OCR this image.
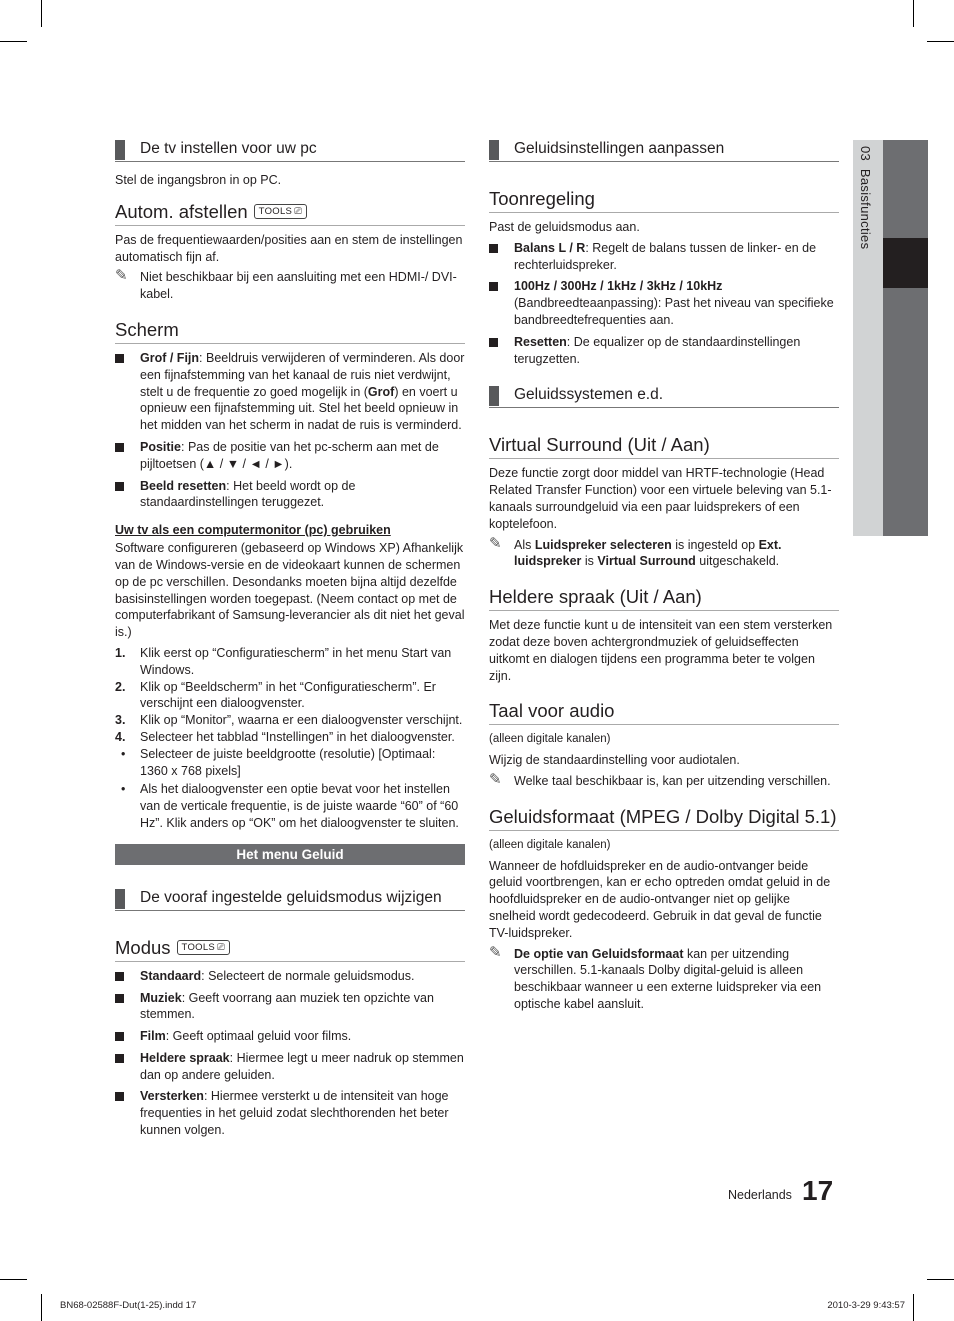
03  Basisfuncties
De tv instellen voor uw pc

Stel de ingangsbron in op PC.

Autom. afstellen TOOLS ⎚

Pas de frequentiewaarden/posities aan en stem de instellingen automatisch fijn af.

✎ Niet beschikbaar bij een aansluiting met een HDMI-/ DVI-kabel.
Scherm
Grof / Fijn: Beeldruis verwijderen of verminderen. Als door een fijnafstemming van het kanaal de ruis niet verdwijnt, stelt u de frequentie zo goed mogelijk in (Grof) en voert u opnieuw een fijnafstemming uit. Stel het beeld opnieuw in het midden van het scherm in nadat de ruis is verminderd.
Positie: Pas de positie van het pc-scherm aan met de pijltoetsen (▲ / ▼ / ◄ / ►).
Beeld resetten: Het beeld wordt op de standaardinstellingen teruggezet.
Uw tv als een computermonitor (pc) gebruiken

Software configureren (gebaseerd op Windows XP) Afhankelijk van de Windows-versie en de videokaart kunnen de schermen op de pc verschillen. Desondanks moeten bijna altijd dezelfde basisinstellingen worden toegepast. (Neem contact op met de computerfabrikant of Samsung-leverancier als dit niet het geval is.)

1. Klik eerst op “Configuratiescherm” in het menu Start van Windows.
2. Klik op “Beeldscherm” in het “Configuratiescherm”. Er verschijnt een dialoogvenster.
3. Klik op “Monitor”, waarna er een dialoogvenster verschijnt.
4. Selecteer het tabblad “Instellingen” in het dialoogvenster.
• Selecteer de juiste beeldgrootte (resolutie) [Optimaal: 1360 x 768 pixels]
• Als het dialoogvenster een optie bevat voor het instellen van de verticale frequentie, is de juiste waarde “60” of “60 Hz”. Klik anders op “OK” om het dialoogvenster te sluiten.
Het menu Geluid
De vooraf ingestelde geluidsmodus wijzigen
Modus TOOLS ⎚
Standaard: Selecteert de normale geluidsmodus.
Muziek: Geeft voorrang aan muziek ten opzichte van stemmen.
Film: Geeft optimaal geluid voor films.
Heldere spraak: Hiermee legt u meer nadruk op stemmen dan op andere geluiden.
Versterken: Hiermee versterkt u de intensiteit van hoge frequenties in het geluid zodat slechthorenden het beter kunnen volgen.
Geluidsinstellingen aanpassen
Toonregeling

Past de geluidsmodus aan.

Balans L / R: Regelt de balans tussen de linker- en de rechterluidspreker.
100Hz / 300Hz / 1kHz / 3kHz / 10kHz (Bandbreedteaanpassing): Past het niveau van specifieke bandbreedtefrequenties aan.
Resetten: De equalizer op de standaardinstellingen terugzetten.
Geluidssystemen e.d.
Virtual Surround (Uit / Aan)

Deze functie zorgt door middel van HRTF-technologie (Head Related Transfer Function) voor een virtuele beleving van 5.1-kanaals surroundgeluid via een paar luidsprekers of een koptelefoon.

✎ Als Luidspreker selecteren is ingesteld op Ext. luidspreker is Virtual Surround uitgeschakeld.
Heldere spraak (Uit / Aan)

Met deze functie kunt u de intensiteit van een stem versterken zodat deze boven achtergrondmuziek of geluidseffecten uitkomt en dialogen tijdens een programma beter te volgen zijn.

Taal voor audio

(alleen digitale kanalen)

Wijzig de standaardinstelling voor audiotalen.

✎ Welke taal beschikbaar is, kan per uitzending verschillen.
Geluidsformaat (MPEG / Dolby Digital 5.1)

(alleen digitale kanalen)

Wanneer de hofdluidspreker en de audio-ontvanger beide geluid voortbrengen, kan er echo optreden omdat geluid in de hoofdluidspreker en de audio-ontvanger niet op gelijke snelheid wordt gedecodeerd. Gebruik in dat geval de functie TV-luidspreker.

✎ De optie van Geluidsformaat kan per uitzending verschillen. 5.1-kanaals Dolby digital-geluid is alleen beschikbaar wanneer u een externe luidspreker via een optische kabel aansluit.
Nederlands 17
BN68-02588F-Dut(1-25).indd 17	2010-3-29 9:43:57
